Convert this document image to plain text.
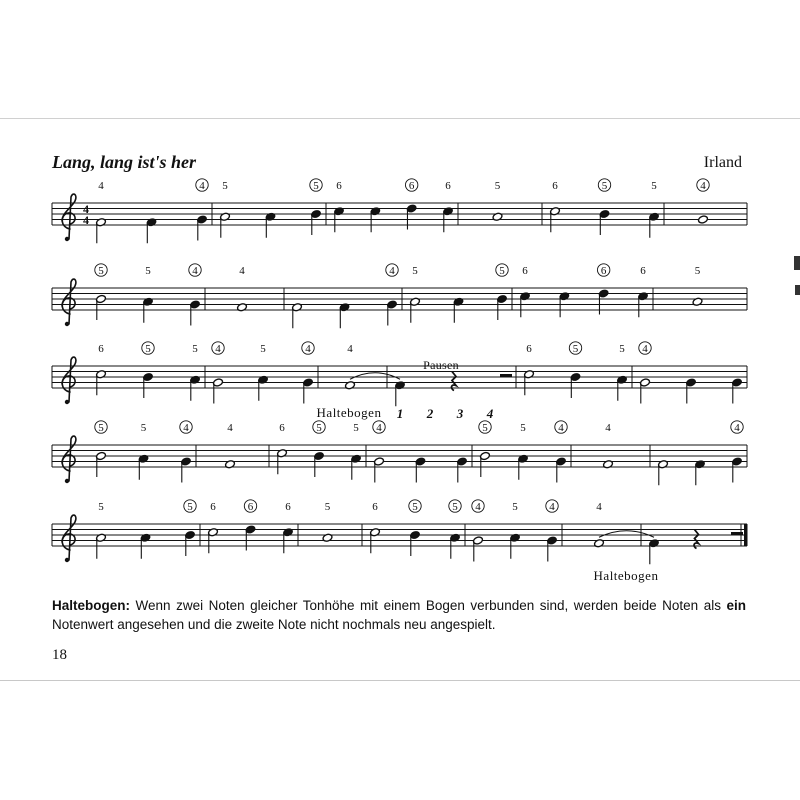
Lang, lang ist's her	Irland
4
4
4	4 5	5 6	6	6	5	6	5	5	4
5	5	4	4	4 5	5 6	6	6	5
6	5	5 4	5	4	4	6	5	5 4
5	5	4	4	6	5	5 4	5	5	4	4	4
5	5 6	6	6	5	6	5	5 4	5	4	4
Haltebogen 1 2 3 4
Pausen
Haltebogen
Haltebogen: Wenn zwei Noten gleicher Tonhöhe mit einem Bogen verbunden sind, werden beide Noten als ein Notenwert angesehen und die zweite Note nicht nochmals neu angespielt.
18
